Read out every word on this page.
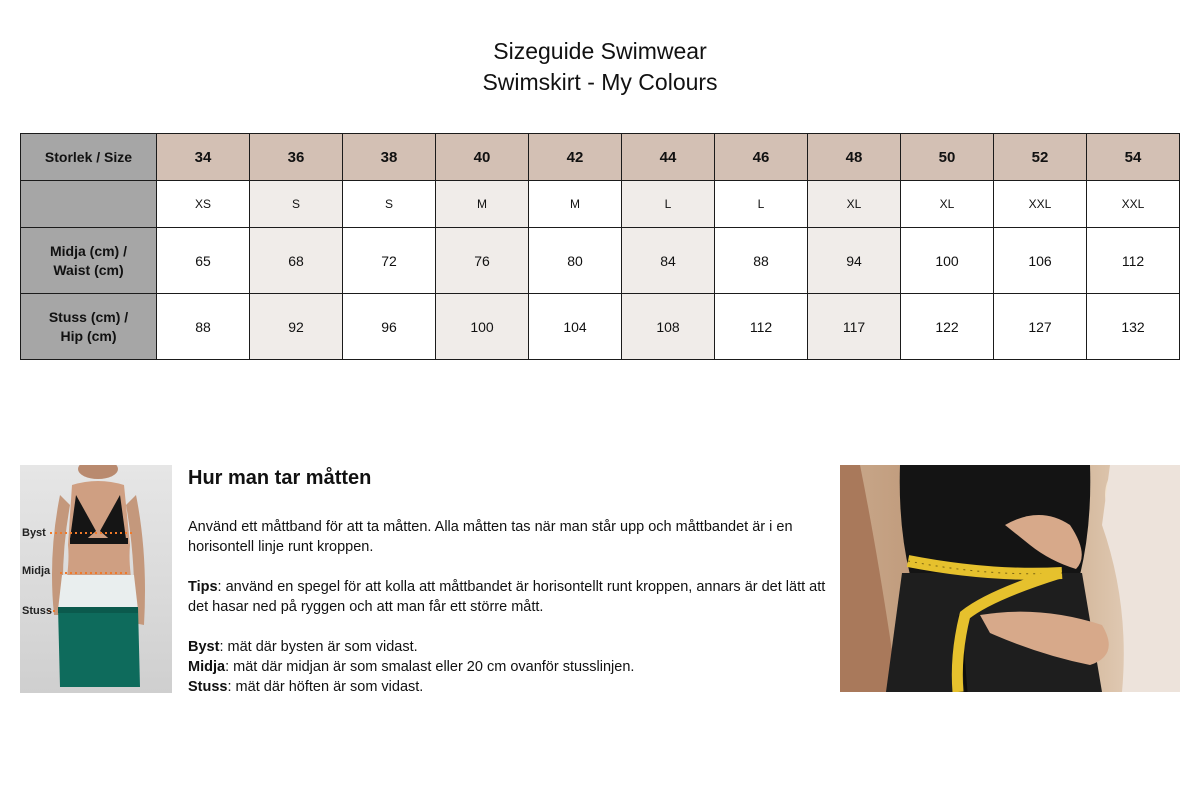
Sizeguide Swimwear
Swimskirt - My Colours
Storlek / Size	34	36	38	40	42	44	46	48	50	52	54
	XS	S	S	M	M	L	L	XL	XL	XXL	XXL

Midja (cm) /
Waist (cm)	65	68	72	76	80	84	88	94	100	106	112

Stuss (cm) /
Hip (cm)	88	92	96	100	104	108	112	117	122	127	132
Byst
Midja
Stuss
Hur man tar måtten

Använd ett måttband för att ta måtten. Alla måtten tas när man står upp och måttbandet är i en horisontell linje runt kroppen.

Tips: använd en spegel för att kolla att måttbandet är horisontellt runt kroppen, annars är det lätt att det hasar ned på ryggen och att man får ett större mått.

Byst: mät där bysten är som vidast.

Midja: mät där midjan är som smalast eller 20 cm ovanför stusslinjen.

Stuss: mät där höften är som vidast.
